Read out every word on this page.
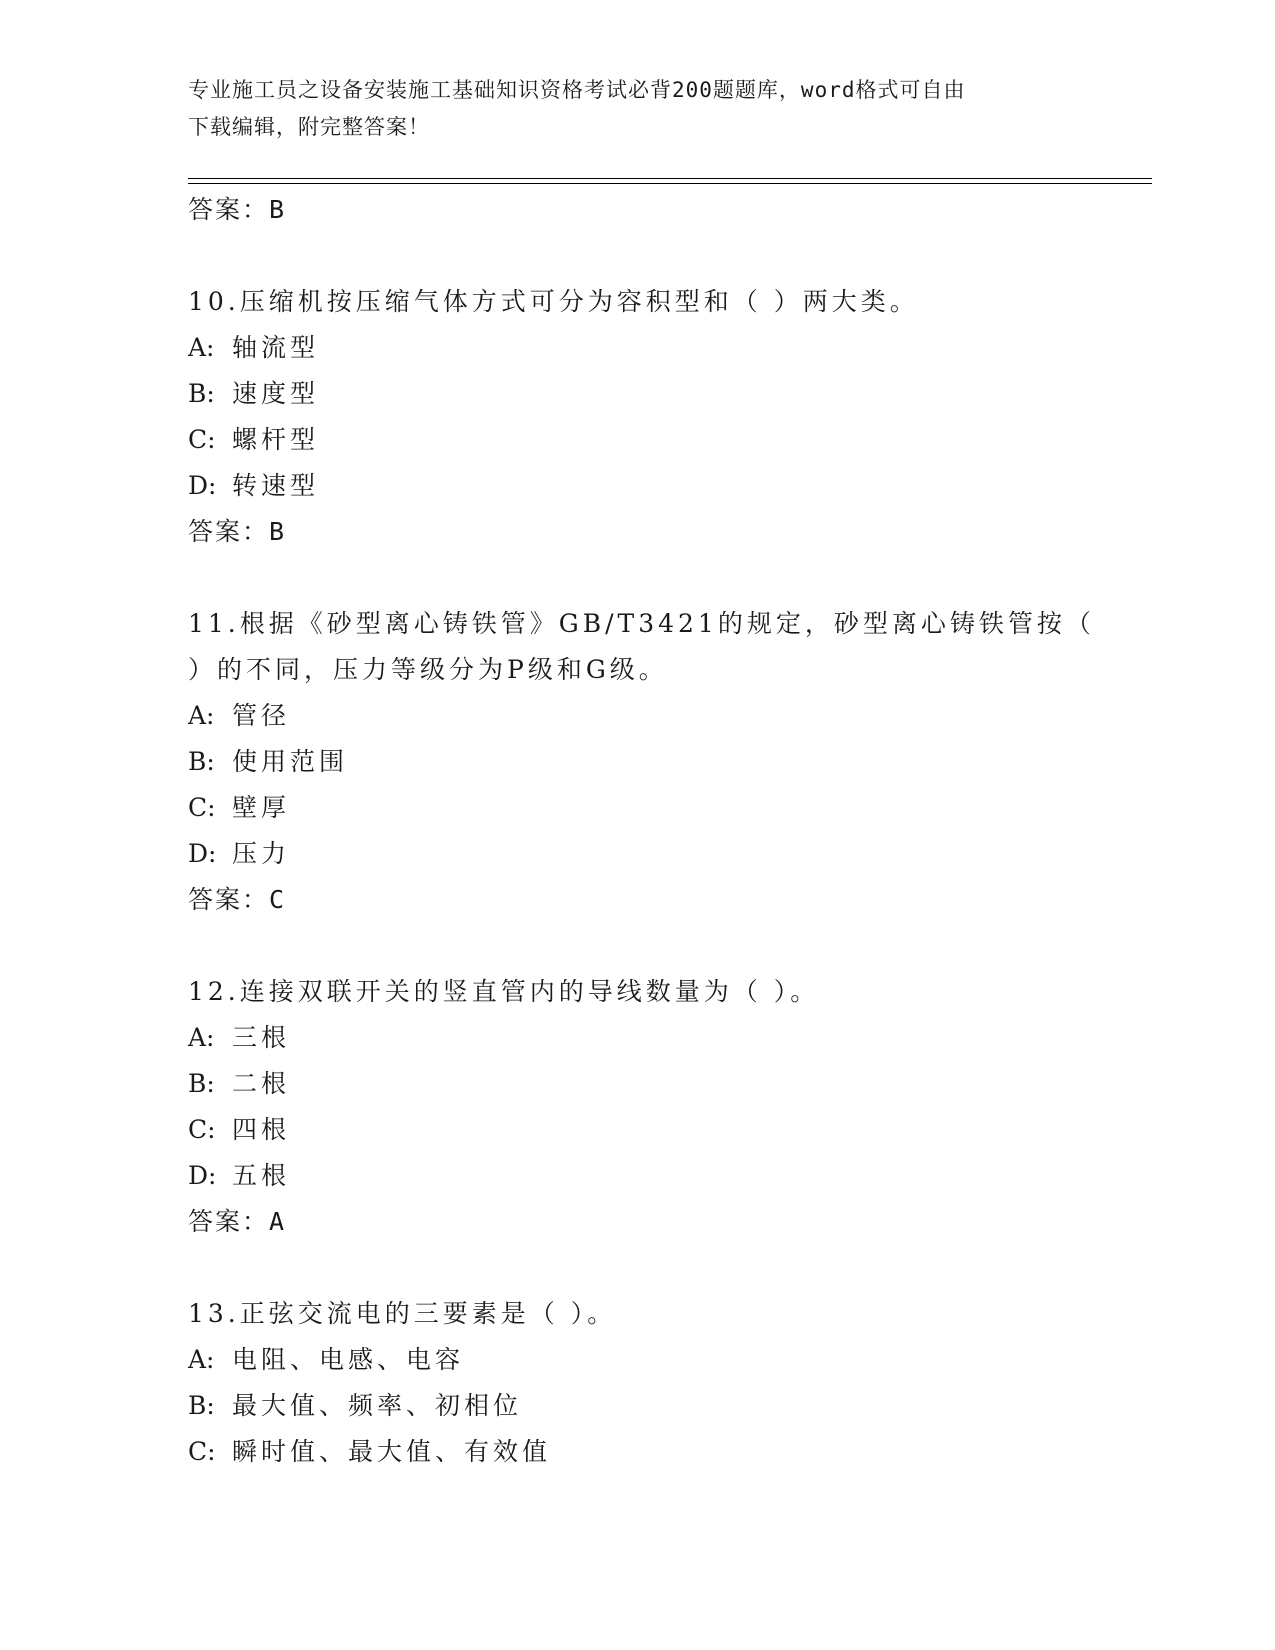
专业施工员之设备安装施工基础知识资格考试必背200题题库，word格式可自由
下载编辑，附完整答案！
答案：B
10.压缩机按压缩气体方式可分为容积型和（ ）两大类。
A: 轴流型
B: 速度型
C: 螺杆型
D: 转速型
答案：B
11.根据《砂型离心铸铁管》GB/T3421的规定，砂型离心铸铁管按（
）的不同，压力等级分为P级和G级。
A: 管径
B: 使用范围
C: 壁厚
D: 压力
答案：C
12.连接双联开关的竖直管内的导线数量为（ ）。
A: 三根
B: 二根
C: 四根
D: 五根
答案：A
13.正弦交流电的三要素是（ ）。
A: 电阻、电感、电容
B: 最大值、频率、初相位
C: 瞬时值、最大值、有效值
